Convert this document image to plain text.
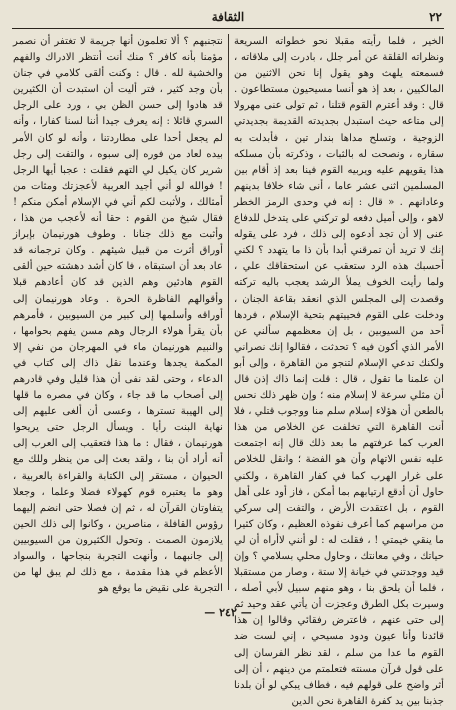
٢٢
الثقافة

الخير ، فلما رأيته مقبلا نحو خطواته السريعة ونظراته القلقة عن أمر جلل ، بادرت إلى ملاقاته ، فسمعته يلهث وهو يقول إنا نحن الاثنين من المالكيين ، بعد إذ هو أنسا مسيحيون مستطاعون . قال : وقد أعترم القوم قتلنا ، ثم تولى عنى مهرولا إلى متاعه حيث استبدل بجديدته القديمة بجديدتي الزوجية ، وتسلح مداها بندار تين ، فأبدلت به سقاره ، ونصحت له بالثبات ، وذكرته بأن مسلكه هذا يقويهم عليه ويربيه القوم فينا بعد إذ أقام بين المسلمين اثنى عشر عاما ، أنى شاء خلافا بدينهم وعادانهم . « قال : إنه في وحدى الرمز الخطر لاهو ، وإلى أميل دفعه لو تركني على يتدخل للدفاع عنى إلا أن تجد أدعوه إلى ذلك ، فرد على يقوله إنك لا تريد أن تمرقني أبدا بأن ذا ما يتهدد ؟ لكني أحسبك هذه الرد ستعقب عن استحقاقك علي ، ولما رأيت الخوف يملأ الرشد يعجب باليه تركته وقصدت إلى المجلس الذي انعقد بقاعة الجنان ، ودخلت على القوم فحييتهم بتحية الإسلام ، فردها أحد من السيوبين ، بل إن معظمهم سألني عن الأمر الذي أكون فيه ؟ تحدثت ، فقالوا إنك نصراني ولكنك تدعي الإسلام لتنجو من القاهرة ، وإلى أبو ان علمنا ما تقول ، قال : قلت إنما ذاك إذن قال أن مثلي سرعة لا إسلام منه ؛ وإن ظهر ذلك نحس بالطعن أن هؤلاء إسلام سلم منا ووجوب قتلي ، فلا أنت القاهرة التي تخلفت عن الخلاص من هذا العرب كما عرفتهم ما بعد ذلك قال إنه اجتمعت عليه نفس الاتهام وأن هو الفضة ؛ وانقل للخلاص على غرار الهرب كما في كفار القاهرة ، ولكني حاول أن أدقع ارتيابهم بما أمكن ، فاز أود على أهل القوم ، بل اعتقدت الأرض ، والتفت إلى سركي من مراسهم كما أعرف نفوذه العظيم ، وكان كثيرا ما ينقي خيمتي ! ، فقلت له : لو أنني لاأراه أن لي حياتك ، وفي معانتك ، وحاول محلي بسلامي ؟ وإن قيد ووجدتني في خيانة إلا ستة ، وصار من مستقبلا ، فلما أن يلحق بنا ، وهو منهم سبيل لأبي أصله ، وسيرت بكل الطرق وعجزت أن يأتي عقد وحيد ثم إلى حتى عنهم ، فاعترض رفقائي وقالوا إن هذا قائدنا وأنا عيون ودود مسيحي ، إني لست ضد القوم ما عدا من سلم ، لقد نظر الفرسان إلى على قول قرآن مسنته فتعلمتم من دينهم ، أن إلى أثر واضح على قولهم فيه ، فطاف يبكي لو أن بلدنا جذبنا بين يد كفرة القاهرة نحن الدين

نتجنبهم ؟ ألا تعلمون أنها جريمة لا تغتفر أن نصمر مؤمنا بأنه كافر ؟ منك أنت أنتظر الادراك والفهم والخشية لله . قال : وكنت ألقى كلامي في جنان بأن وجد كثير ، فتر أليت أن استبدت أن الكثيرين قد هادوا إلى حسن الظن بي ، ورد على الرجل السري قائلا : إنه يعرف جيدا أننا لسنا كفارا ، وأنه لم يجعل أحدا على مطاردتنا ، وأنه لو كان الأمر بيده لعاد من فوره إلى سبوه ، والتفت إلى رجل شرير كان يكيل لي التهم فقلت : عجبا أيها الرجل ! فوالله لو أني أجيد العربية لأعجزتك ومثات من أمثالك ، ولأثبت لكم أني في الإسلام أمكن منكم ! فقال شيخ من القوم : حقا أنه لأعجب من هذا ، وأثبت مع ذلك جنانا . وطوف هورنيمان بإبراز أوراق أثرت من قبيل شيئهم . وكان ترجمانه قد عاد بعد أن استبقاه ، فا كان أشد دهشته حين ألقى القوم هادئين وهم الذين قد كان أعادهم قبلا وأقوالهم الفاظرة الحرة . وعاد هورنيمان إلى أوراقه وأسلمها إلى كبير من السيوبين ، فأمرهم بأن يقرأ هولاء الرجال وهم مسن يفهم بحوامها ، والنبيم هورنيمان ماء في المهرجان من نفي إلا المكمة يجدها وعندما نقل ذاك إلى كتاب في الدعاء ، وحتى لقد نفى أن هذا قليل وفي قادرهم إلى أصحاب ما قد جاء ، وكان في مصره ما قلها إلى الهيبة تسترها ، وعسى أن ألغى عليهم إلى نهاية البنت رأيا . ويسأل الرجل حتى يريحوا هورنيمان ، فقال : ما هذا فتعقيب إلى العرب إلى أنه أراد أن بنا ، ولقد بعث إلى من ينظر وللك مع الحيوان ، مستقر إلى الكتابة والقراءة بالعربية ، وهو ما يعتبره قوم كهولاء فضلا وعلما ، وجعلا يتفاوتان القرآن له ، ثم إن فصلا حتى انضم إليهما رؤوس القافلة ، مناصرين ، وكانوا إلى ذلك الحين يلازمون الصمت . وتحول الكثيرون من السيوبيين إلى جانبهما ، وأنهت التجربة بنجاحها ، والسواد الأعظم في هذا مقدمة ، مع ذلك لم يبق لها من التجربة على نقيض ما يوقع هو

— ٢٤٢ —
